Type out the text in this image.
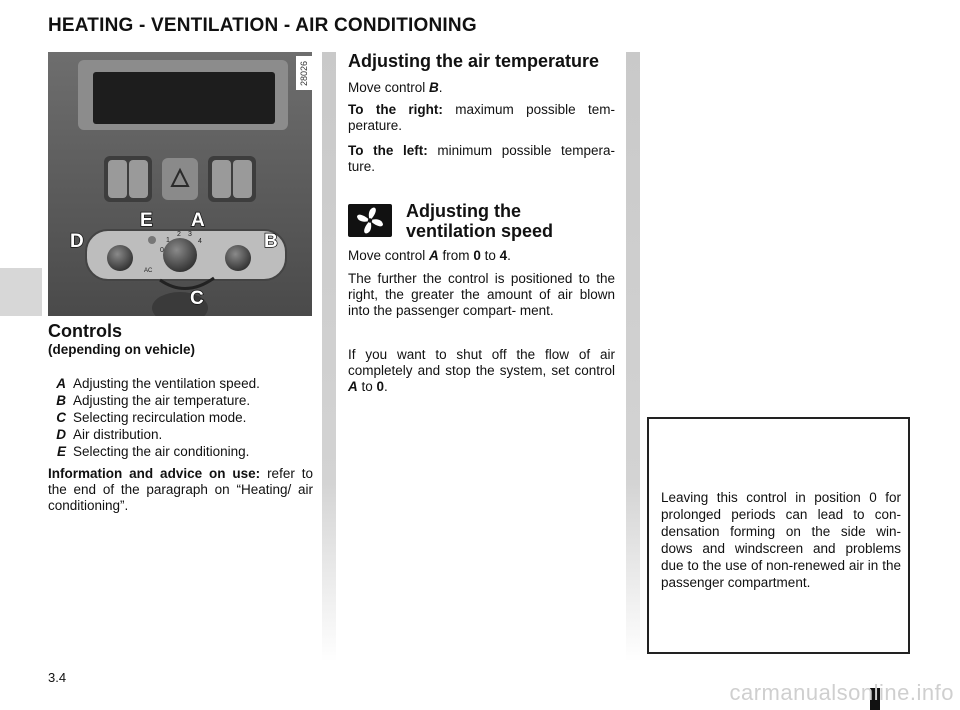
HEATING - VENTILATION - AIR CONDITIONING
AC
0
1
2 3
4
E A
D	B
C
28026
Controls
(depending on vehicle)
A Adjusting the ventilation speed.
B Adjusting the air temperature.
C Selecting recirculation mode.
D Air distribution.
E Selecting the air conditioning.
Information and advice on use: refer to the end of the paragraph on “Heating/ air conditioning”.
Adjusting the air temperature
Move control B.
To the right: maximum possible tem- perature.
To the left: minimum possible tempera- ture.
Adjusting the
ventilation speed
Move control A from 0 to 4.
The further the control is positioned to the right, the greater the amount of air blown into the passenger compart- ment.
If you want to shut off the flow of air completely and stop the system, set control A to 0.
Leaving this control in position 0 for prolonged periods can lead to con- densation forming on the side win- dows and windscreen and problems due to the use of non-renewed air in the passenger compartment.
3.4
carmanualsonline.info
